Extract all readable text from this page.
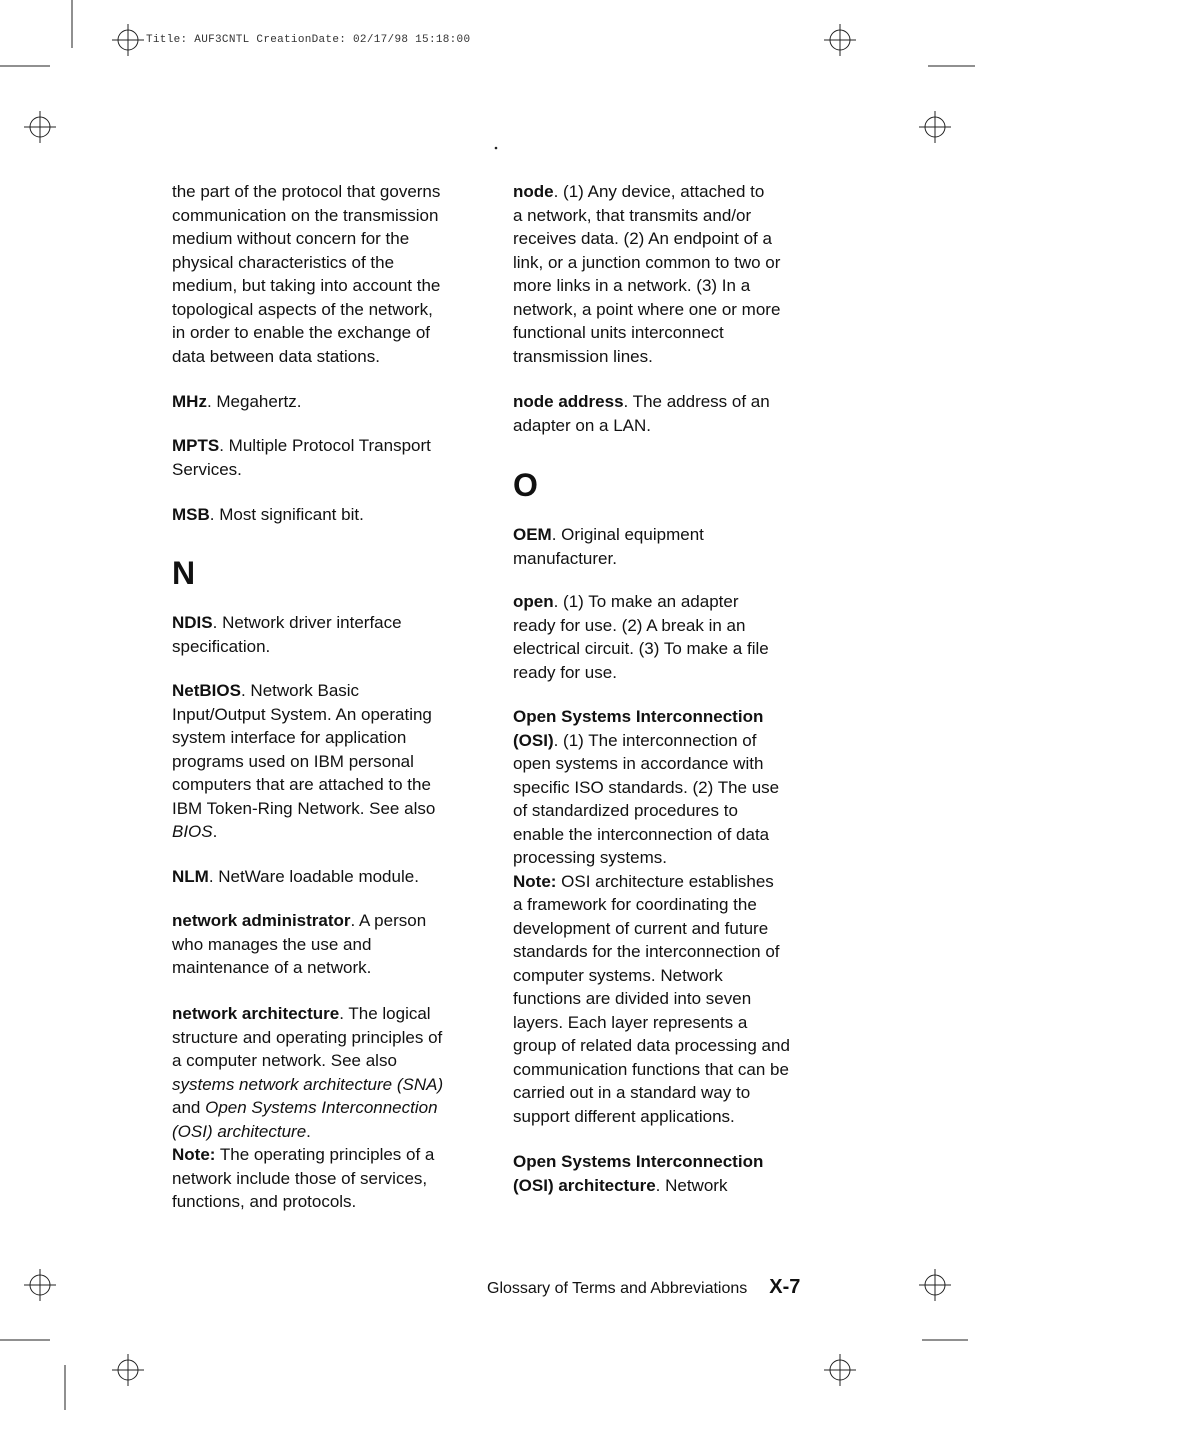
Title: AUF3CNTL CreationDate: 02/17/98 15:18:00

the part of the protocol that governs
communication on the transmission
medium without concern for the
physical characteristics of the
medium, but taking into account the
topological aspects of the network,
in order to enable the exchange of
data between data stations.

MHz. Megahertz.

MPTS. Multiple Protocol Transport
Services.

MSB. Most significant bit.

NDIS. Network driver interface
specification.

NetBIOS. Network Basic
Input/Output System. An operating
system interface for application
programs used on IBM personal
computers that are attached to the
IBM Token-Ring Network. See also
BIOS.

NLM. NetWare loadable module.

network administrator. A person
who manages the use and
maintenance of a network.

network architecture. The logical
structure and operating principles of
a computer network. See also
systems network architecture (SNA)
and Open Systems Interconnection
(OSI) architecture.
Note: The operating principles of a
network include those of services,
functions, and protocols.

node. (1) Any device, attached to
a network, that transmits and/or
receives data. (2) An endpoint of a
link, or a junction common to two or
more links in a network. (3) In a
network, a point where one or more
functional units interconnect
transmission lines.

node address. The address of an
adapter on a LAN.

OEM. Original equipment
manufacturer.

open. (1) To make an adapter
ready for use. (2) A break in an
electrical circuit. (3) To make a file
ready for use.

Open Systems Interconnection
(OSI). (1) The interconnection of
open systems in accordance with
specific ISO standards. (2) The use
of standardized procedures to
enable the interconnection of data
processing systems.
Note: OSI architecture establishes
a framework for coordinating the
development of current and future
standards for the interconnection of
computer systems. Network
functions are divided into seven
layers. Each layer represents a
group of related data processing and
communication functions that can be
carried out in a standard way to
support different applications.

Open Systems Interconnection
(OSI) architecture. Network

N

O

Glossary of Terms and Abbreviations X-7
